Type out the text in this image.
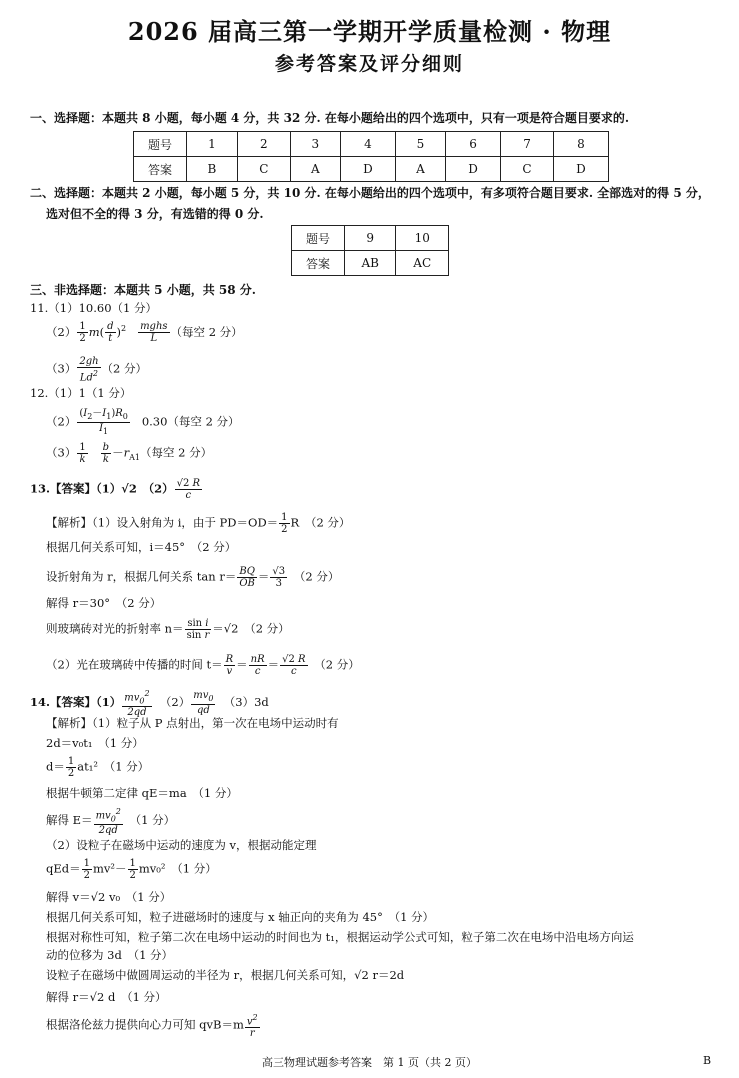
2026 届高三第一学期开学质量检测 · 物理
参考答案及评分细则
一、选择题：本题共 8 小题，每小题 4 分，共 32 分. 在每小题给出的四个选项中，只有一项是符合题目要求的.
题号	1	2	3	4	5	6	7	8
答案	B	C	A	D	A	D	C	D
二、选择题：本题共 2 小题，每小题 5 分，共 10 分. 在每小题给出的四个选项中，有多项符合题目要求. 全部选对的得 5 分，
选对但不全的得 3 分，有选错的得 0 分.
题号	9	10
答案	AB	AC
三、非选择题：本题共 5 小题，共 58 分.
11.（1）10.60（1 分）
$(2) \frac{1}{2} m( \frac{d}{t} )^2 \frac{\text{mghs}}{L}$ （每空 2 分）
$(3) \frac{2gh}{Ld^2} (2$ 分）
12.（1）1（1 分）
$(2) \frac{(I_2-I_1)R_0}{I_1} 0.30$（每空 2 分）
$(3) \frac{1}{k}$
$\frac{b}{k} -r_{A1}$（每空 2 分）
13.【答案】（1）√2　$(2) \frac{√2 R}{c}$
【解析】（1）设入射角为 i，由于 $PD=OD= \frac{1}{2}$ R　（2 分）
根据几何关系可知，i＝45°　（2 分）
设折射角为 r，根据几何关系 $\tan r= \frac{BQ}{OB} = \frac{√3}{3}$ 　（2 分）
解得 r＝30°　（2 分）
则玻璃砖对光的折射率 $n= \frac{\text{sin i}}{\text{sin r}} =√2$　（2 分）
（2）光在玻璃砖中传播的时间 $t= \frac{R}{v} = \frac{nR}{c} = \frac{√2 R}{c}$ 　（2 分）
14.【答案】$(1) \frac{mv_0^2}{2qd} (2) \frac{mv_0}{qd} (3)3d$
【解析】（1）粒子从 P 点射出，第一次在电场中运动时有
2d＝v₀t₁　（1 分）
$d= \frac{1}{2} at_1^2$　（1 分）
根据牛顿第二定律 qE＝ma　（1 分）
解得 $E= \frac{mv_0^2}{2qd}$ 　（1 分）
（2）设粒子在磁场中运动的速度为 v，根据动能定理
$qEd= \frac{1}{2} mv^2- \frac{1}{2} mv_0^2$　（1 分）
解得 v＝√2 v₀　（1 分）
根据几何关系可知，粒子进磁场时的速度与 x 轴正向的夹角为 45°　（1 分）
根据对称性可知，粒子第二次在电场中运动的时间也为 t₁，根据运动学公式可知，粒子第二次在电场中沿电场方向运
动的位移为 3d　（1 分）
设粒子在磁场中做圆周运动的半径为 r，根据几何关系可知，√2 r＝2d
解得 r＝√2 d　（1 分）
根据洛伦兹力提供向心力可知 $qvB=m \frac{v^2}{r}$
高三物理试题参考答案　第 1 页（共 2 页）	B
